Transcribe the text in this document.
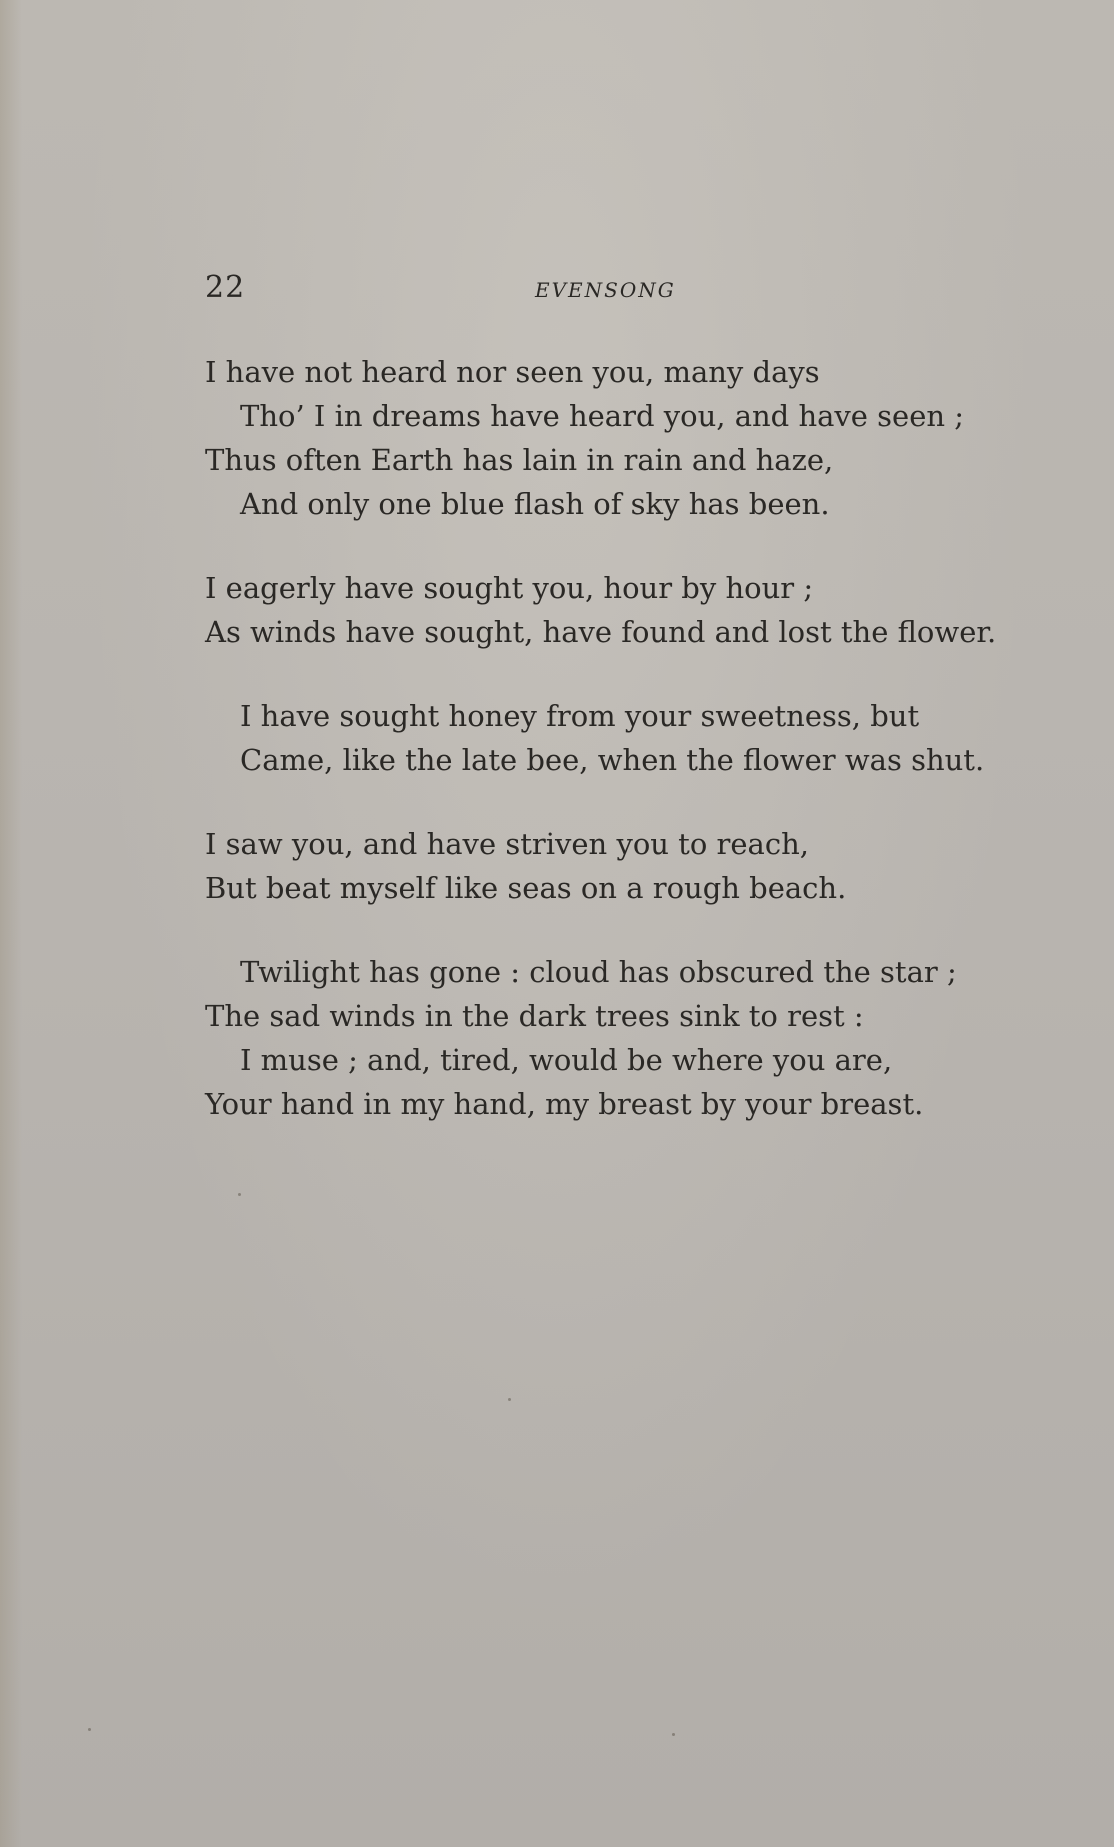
22	EVENSONG
I have not heard nor seen you, many days
Tho’ I in dreams have heard you, and have seen ;
Thus often Earth has lain in rain and haze,
And only one blue flash of sky has been.
I eagerly have sought you, hour by hour ;
As winds have sought, have found and lost the flower.
I have sought honey from your sweetness, but
Came, like the late bee, when the flower was shut.
I saw you, and have striven you to reach,
But beat myself like seas on a rough beach.
Twilight has gone : cloud has obscured the star ;
The sad winds in the dark trees sink to rest :
I muse ; and, tired, would be where you are,
Your hand in my hand, my breast by your breast.
